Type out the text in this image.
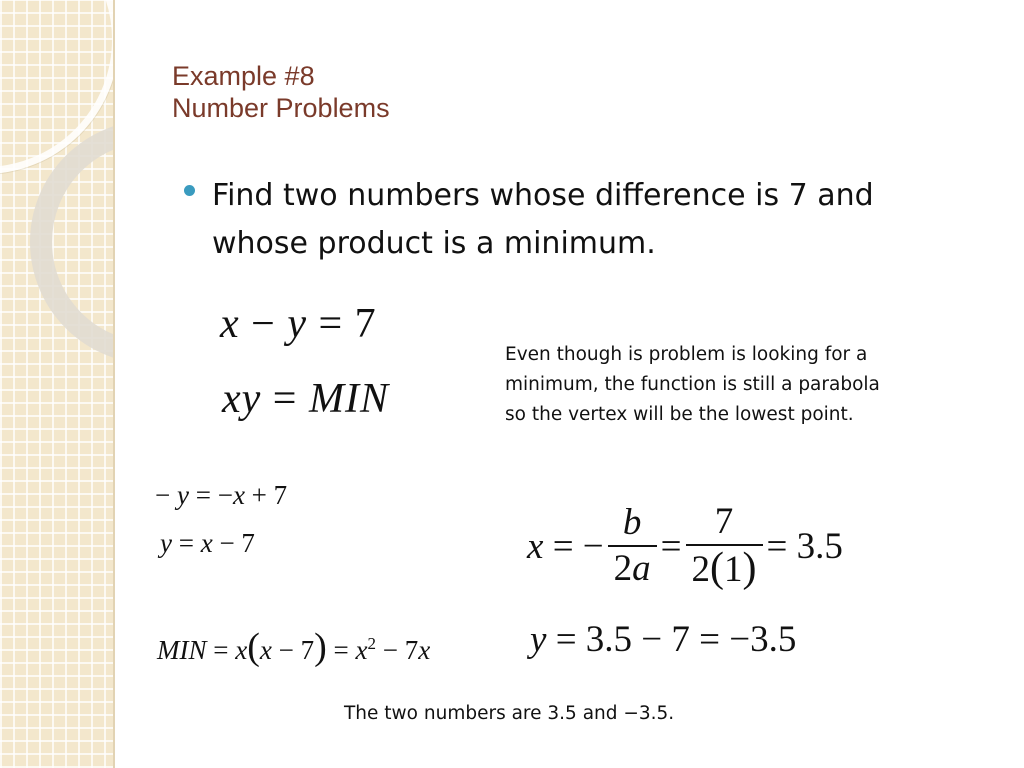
Example #8
Number Problems
Find two numbers whose difference is 7 and whose product is a minimum.
x − y = 7
xy = MIN

Even though is problem is looking for a minimum, the function is still a parabola so the vertex will be the lowest point.

− y = −x + 7
y = x − 7
MIN = $x(x - 7) = x^2 - 7x$
x = − $\frac{b}{2a} = \frac{7}{2(1)} = 3.5$
y = 3.5 − 7 = −3.5

The two numbers are 3.5 and −3.5.
